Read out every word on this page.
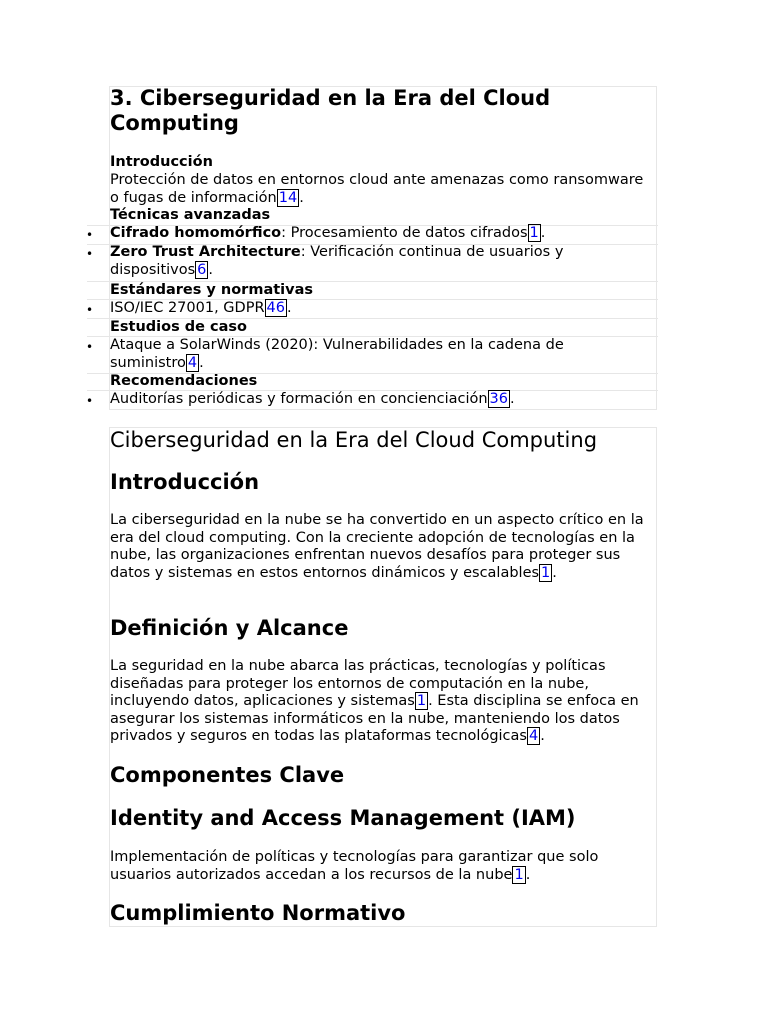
3. Ciberseguridad en la Era del Cloud Computing
Introducción
Protección de datos en entornos cloud ante amenazas como ransomware o fugas de información 14 .
Técnicas avanzadas
• Cifrado homomórfico: Procesamiento de datos cifrados 1 .
• Zero Trust Architecture: Verificación continua de usuarios y dispositivos 6 .
Estándares y normativas
• ISO/IEC 27001, GDPR 46 .
Estudios de caso
• Ataque a SolarWinds (2020): Vulnerabilidades en la cadena de suministro 4 .
Recomendaciones
• Auditorías periódicas y formación en concienciación 36 .
Ciberseguridad en la Era del Cloud Computing
Introducción
La ciberseguridad en la nube se ha convertido en un aspecto crítico en la era del cloud computing. Con la creciente adopción de tecnologías en la nube, las organizaciones enfrentan nuevos desafíos para proteger sus datos y sistemas en estos entornos dinámicos y escalables 1 .
Definición y Alcance
La seguridad en la nube abarca las prácticas, tecnologías y políticas diseñadas para proteger los entornos de computación en la nube, incluyendo datos, aplicaciones y sistemas 1 . Esta disciplina se enfoca en asegurar los sistemas informáticos en la nube, manteniendo los datos privados y seguros en todas las plataformas tecnológicas 4 .
Componentes Clave
Identity and Access Management (IAM)
Implementación de políticas y tecnologías para garantizar que solo usuarios autorizados accedan a los recursos de la nube 1 .
Cumplimiento Normativo
